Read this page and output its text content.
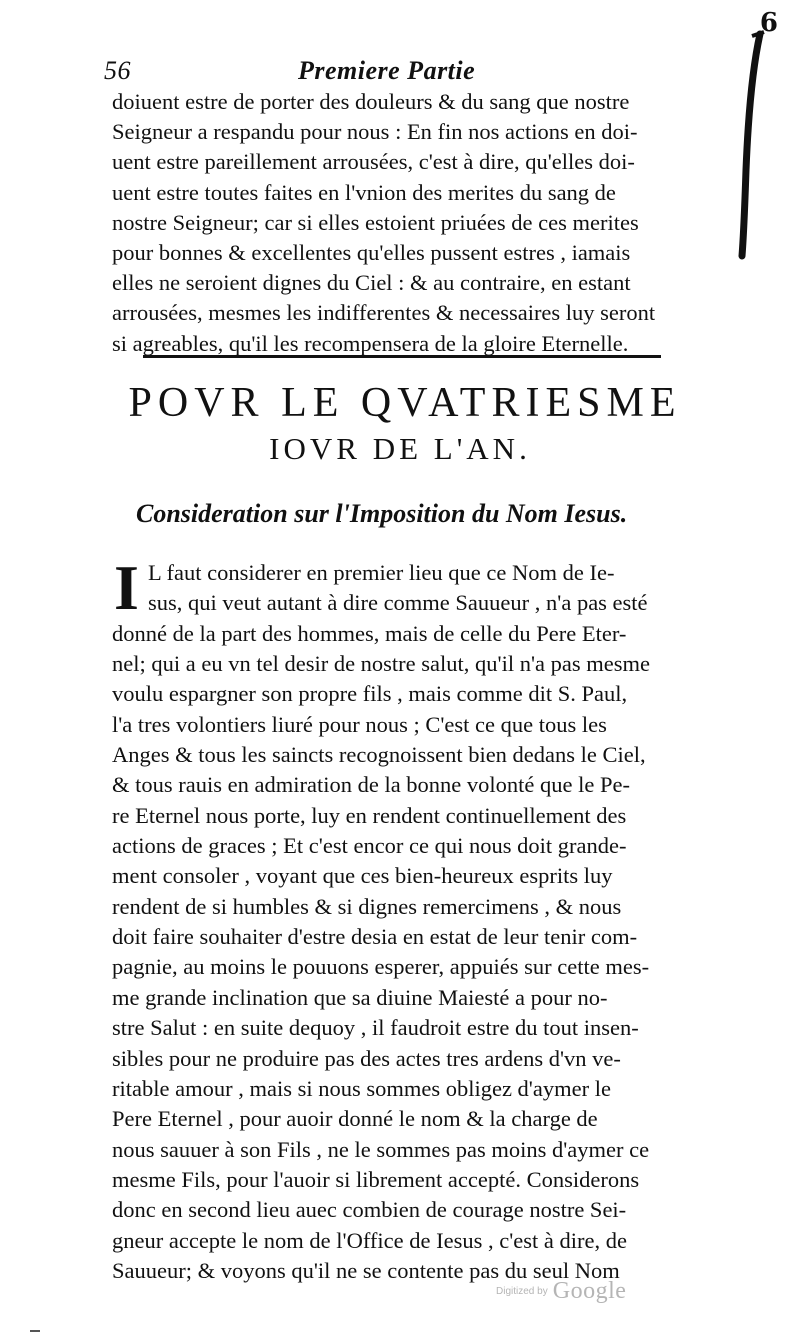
6
56	Premiere Partie

doiuent estre de porter des douleurs & du sang que nostre

Seigneur a respandu pour nous : En fin nos actions en doi-

uent estre pareillement arrousées, c'est à dire, qu'elles doi-

uent estre toutes faites en l'vnion des merites du sang de

nostre Seigneur; car si elles estoient priuées de ces merites

pour bonnes & excellentes qu'elles pussent estres , iamais

elles ne seroient dignes du Ciel : & au contraire, en estant

arrousées, mesmes les indifferentes & necessaires luy seront

si agreables, qu'il les recompensera de la gloire Eternelle.

POVR LE QVATRIESME
IOVR DE L'AN.
Consideration sur l'Imposition du Nom Iesus.
I L faut considerer en premier lieu que ce Nom de Ie-

sus, qui veut autant à dire comme Sauueur , n'a pas esté

donné de la part des hommes, mais de celle du Pere Eter-

nel; qui a eu vn tel desir de nostre salut, qu'il n'a pas mesme

voulu espargner son propre fils , mais comme dit S. Paul,

l'a tres volontiers liuré pour nous ; C'est ce que tous les

Anges & tous les saincts recognoissent bien dedans le Ciel,

& tous rauis en admiration de la bonne volonté que le Pe-

re Eternel nous porte, luy en rendent continuellement des

actions de graces ; Et c'est encor ce qui nous doit grande-

ment consoler , voyant que ces bien-heureux esprits luy

rendent de si humbles & si dignes remercimens , & nous

doit faire souhaiter d'estre desia en estat de leur tenir com-

pagnie, au moins le pouuons esperer, appuiés sur cette mes-

me grande inclination que sa diuine Maiesté a pour no-

stre Salut : en suite dequoy , il faudroit estre du tout insen-

sibles pour ne produire pas des actes tres ardens d'vn ve-

ritable amour , mais si nous sommes obligez d'aymer le

Pere Eternel , pour auoir donné le nom & la charge de

nous sauuer à son Fils , ne le sommes pas moins d'aymer ce

mesme Fils, pour l'auoir si librement accepté. Considerons

donc en second lieu auec combien de courage nostre Sei-

gneur accepte le nom de l'Office de Iesus , c'est à dire, de

Sauueur; & voyons qu'il ne se contente pas du seul Nom

Digitized by Google
